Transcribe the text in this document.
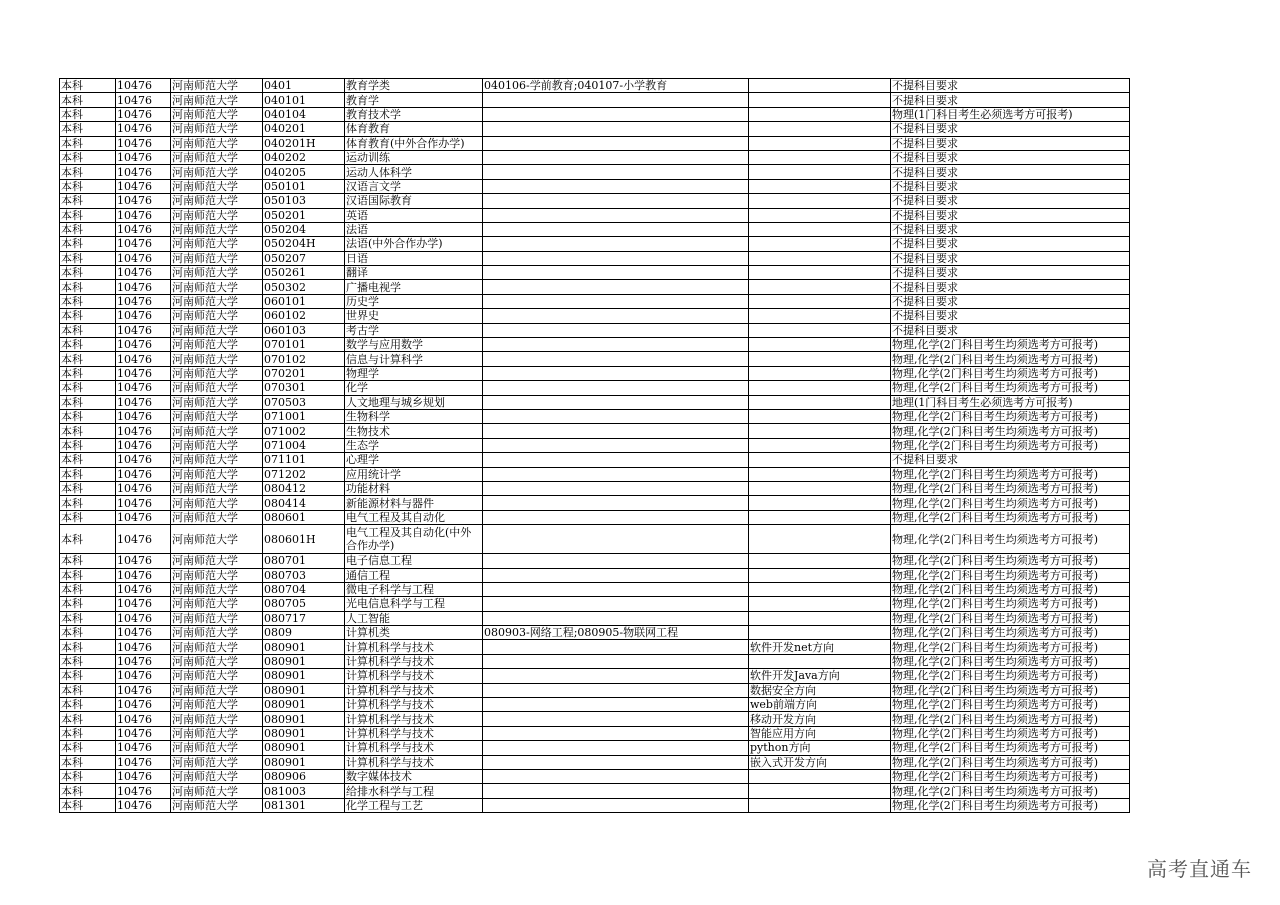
本科	10476	河南师范大学	0401	教育学类	040106-学前教育;040107-小学教育		不提科目要求
本科	10476	河南师范大学	040101	教育学			不提科目要求
本科	10476	河南师范大学	040104	教育技术学			物理(1门科目考生必须选考方可报考)
本科	10476	河南师范大学	040201	体育教育			不提科目要求
本科	10476	河南师范大学	040201H	体育教育(中外合作办学)			不提科目要求
本科	10476	河南师范大学	040202	运动训练			不提科目要求
本科	10476	河南师范大学	040205	运动人体科学			不提科目要求
本科	10476	河南师范大学	050101	汉语言文学			不提科目要求
本科	10476	河南师范大学	050103	汉语国际教育			不提科目要求
本科	10476	河南师范大学	050201	英语			不提科目要求
本科	10476	河南师范大学	050204	法语			不提科目要求
本科	10476	河南师范大学	050204H	法语(中外合作办学)			不提科目要求
本科	10476	河南师范大学	050207	日语			不提科目要求
本科	10476	河南师范大学	050261	翻译			不提科目要求
本科	10476	河南师范大学	050302	广播电视学			不提科目要求
本科	10476	河南师范大学	060101	历史学			不提科目要求
本科	10476	河南师范大学	060102	世界史			不提科目要求
本科	10476	河南师范大学	060103	考古学			不提科目要求
本科	10476	河南师范大学	070101	数学与应用数学			物理,化学(2门科目考生均须选考方可报考)
本科	10476	河南师范大学	070102	信息与计算科学			物理,化学(2门科目考生均须选考方可报考)
本科	10476	河南师范大学	070201	物理学			物理,化学(2门科目考生均须选考方可报考)
本科	10476	河南师范大学	070301	化学			物理,化学(2门科目考生均须选考方可报考)
本科	10476	河南师范大学	070503	人文地理与城乡规划			地理(1门科目考生必须选考方可报考)
本科	10476	河南师范大学	071001	生物科学			物理,化学(2门科目考生均须选考方可报考)
本科	10476	河南师范大学	071002	生物技术			物理,化学(2门科目考生均须选考方可报考)
本科	10476	河南师范大学	071004	生态学			物理,化学(2门科目考生均须选考方可报考)
本科	10476	河南师范大学	071101	心理学			不提科目要求
本科	10476	河南师范大学	071202	应用统计学			物理,化学(2门科目考生均须选考方可报考)
本科	10476	河南师范大学	080412	功能材料			物理,化学(2门科目考生均须选考方可报考)
本科	10476	河南师范大学	080414	新能源材料与器件			物理,化学(2门科目考生均须选考方可报考)
本科	10476	河南师范大学	080601	电气工程及其自动化			物理,化学(2门科目考生均须选考方可报考)
本科	10476	河南师范大学	080601H	电气工程及其自动化(中外合作办学)			物理,化学(2门科目考生均须选考方可报考)
本科	10476	河南师范大学	080701	电子信息工程			物理,化学(2门科目考生均须选考方可报考)
本科	10476	河南师范大学	080703	通信工程			物理,化学(2门科目考生均须选考方可报考)
本科	10476	河南师范大学	080704	微电子科学与工程			物理,化学(2门科目考生均须选考方可报考)
本科	10476	河南师范大学	080705	光电信息科学与工程			物理,化学(2门科目考生均须选考方可报考)
本科	10476	河南师范大学	080717	人工智能			物理,化学(2门科目考生均须选考方可报考)
本科	10476	河南师范大学	0809	计算机类	080903-网络工程;080905-物联网工程		物理,化学(2门科目考生均须选考方可报考)
本科	10476	河南师范大学	080901	计算机科学与技术		软件开发net方向	物理,化学(2门科目考生均须选考方可报考)
本科	10476	河南师范大学	080901	计算机科学与技术			物理,化学(2门科目考生均须选考方可报考)
本科	10476	河南师范大学	080901	计算机科学与技术		软件开发Java方向	物理,化学(2门科目考生均须选考方可报考)
本科	10476	河南师范大学	080901	计算机科学与技术		数据安全方向	物理,化学(2门科目考生均须选考方可报考)
本科	10476	河南师范大学	080901	计算机科学与技术		web前端方向	物理,化学(2门科目考生均须选考方可报考)
本科	10476	河南师范大学	080901	计算机科学与技术		移动开发方向	物理,化学(2门科目考生均须选考方可报考)
本科	10476	河南师范大学	080901	计算机科学与技术		智能应用方向	物理,化学(2门科目考生均须选考方可报考)
本科	10476	河南师范大学	080901	计算机科学与技术		python方向	物理,化学(2门科目考生均须选考方可报考)
本科	10476	河南师范大学	080901	计算机科学与技术		嵌入式开发方向	物理,化学(2门科目考生均须选考方可报考)
本科	10476	河南师范大学	080906	数字媒体技术			物理,化学(2门科目考生均须选考方可报考)
本科	10476	河南师范大学	081003	给排水科学与工程			物理,化学(2门科目考生均须选考方可报考)
本科	10476	河南师范大学	081301	化学工程与工艺			物理,化学(2门科目考生均须选考方可报考)
高考直通车
